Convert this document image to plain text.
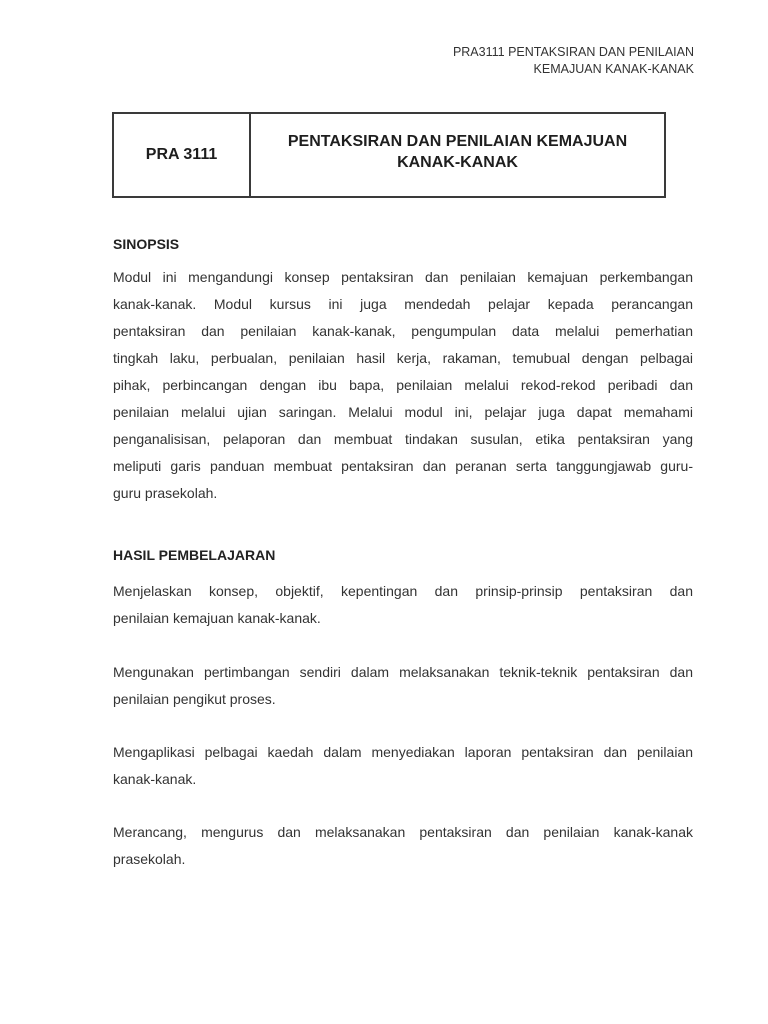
PRA3111 PENTAKSIRAN DAN PENILAIAN
KEMAJUAN KANAK-KANAK
PRA 3111
PENTAKSIRAN DAN PENILAIAN KEMAJUAN
KANAK-KANAK
SINOPSIS
Modul ini mengandungi konsep pentaksiran dan penilaian kemajuan perkembangan
kanak-kanak. Modul kursus ini juga mendedah pelajar kepada perancangan
pentaksiran dan penilaian kanak-kanak, pengumpulan data melalui pemerhatian
tingkah laku, perbualan, penilaian hasil kerja, rakaman, temubual dengan pelbagai
pihak, perbincangan dengan ibu bapa, penilaian melalui rekod-rekod peribadi dan
penilaian melalui ujian saringan. Melalui modul ini, pelajar juga dapat memahami
penganalisisan, pelaporan dan membuat tindakan susulan, etika pentaksiran yang
meliputi garis panduan membuat pentaksiran dan peranan serta tanggungjawab guru-
guru prasekolah.
HASIL PEMBELAJARAN
Menjelaskan konsep, objektif, kepentingan dan prinsip-prinsip pentaksiran dan
penilaian kemajuan kanak-kanak.
Mengunakan pertimbangan sendiri dalam melaksanakan teknik-teknik pentaksiran dan
penilaian pengikut proses.
Mengaplikasi pelbagai kaedah dalam menyediakan laporan pentaksiran dan penilaian
kanak-kanak.
Merancang, mengurus dan melaksanakan pentaksiran dan penilaian kanak-kanak
prasekolah.
